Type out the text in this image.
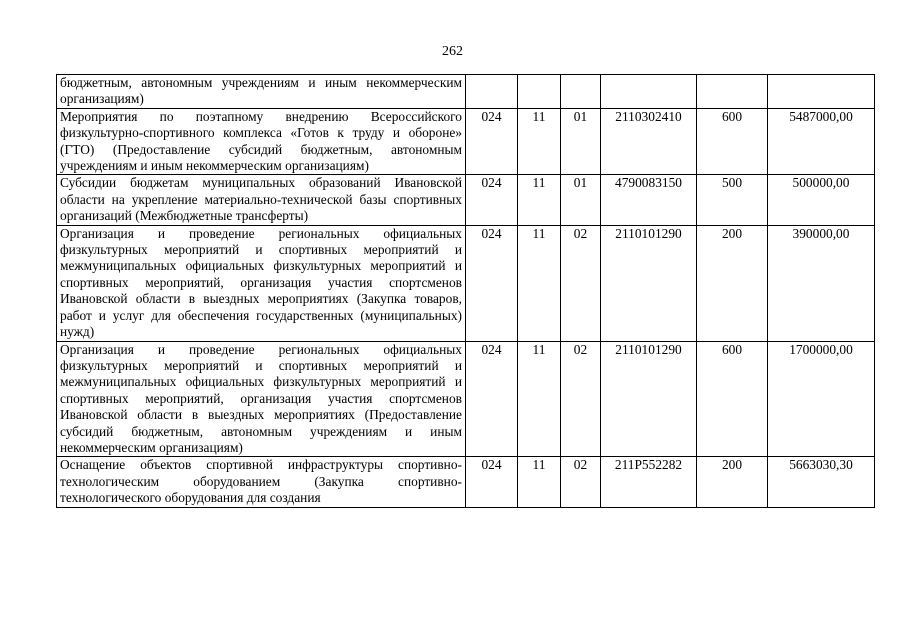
262
бюджетным, автономным учреждениям и иным некоммерческим организациям)						
Мероприятия по поэтапному внедрению Всероссийского физкультурно-спортивного комплекса «Готов к труду и обороне» (ГТО) (Предоставление субсидий бюджетным, автономным учреждениям и иным некоммерческим организациям)	024	11	01	2110302410	600	5487000,00
Субсидии бюджетам муниципальных образований Ивановской области на укрепление материально-технической базы спортивных организаций (Межбюджетные трансферты)	024	11	01	4790083150	500	500000,00
Организация и проведение региональных официальных физкультурных мероприятий и спортивных мероприятий и межмуниципальных официальных физкультурных мероприятий и спортивных мероприятий, организация участия спортсменов Ивановской области в выездных мероприятиях (Закупка товаров, работ и услуг для обеспечения государственных (муниципальных) нужд)	024	11	02	2110101290	200	390000,00
Организация и проведение региональных официальных физкультурных мероприятий и спортивных мероприятий и межмуниципальных официальных физкультурных мероприятий и спортивных мероприятий, организация участия спортсменов Ивановской области в выездных мероприятиях (Предоставление субсидий бюджетным, автономным учреждениям и иным некоммерческим организациям)	024	11	02	2110101290	600	1700000,00
Оснащение объектов спортивной инфраструктуры спортивно-технологическим оборудованием (Закупка спортивно-технологического оборудования для создания	024	11	02	211P552282	200	5663030,30
